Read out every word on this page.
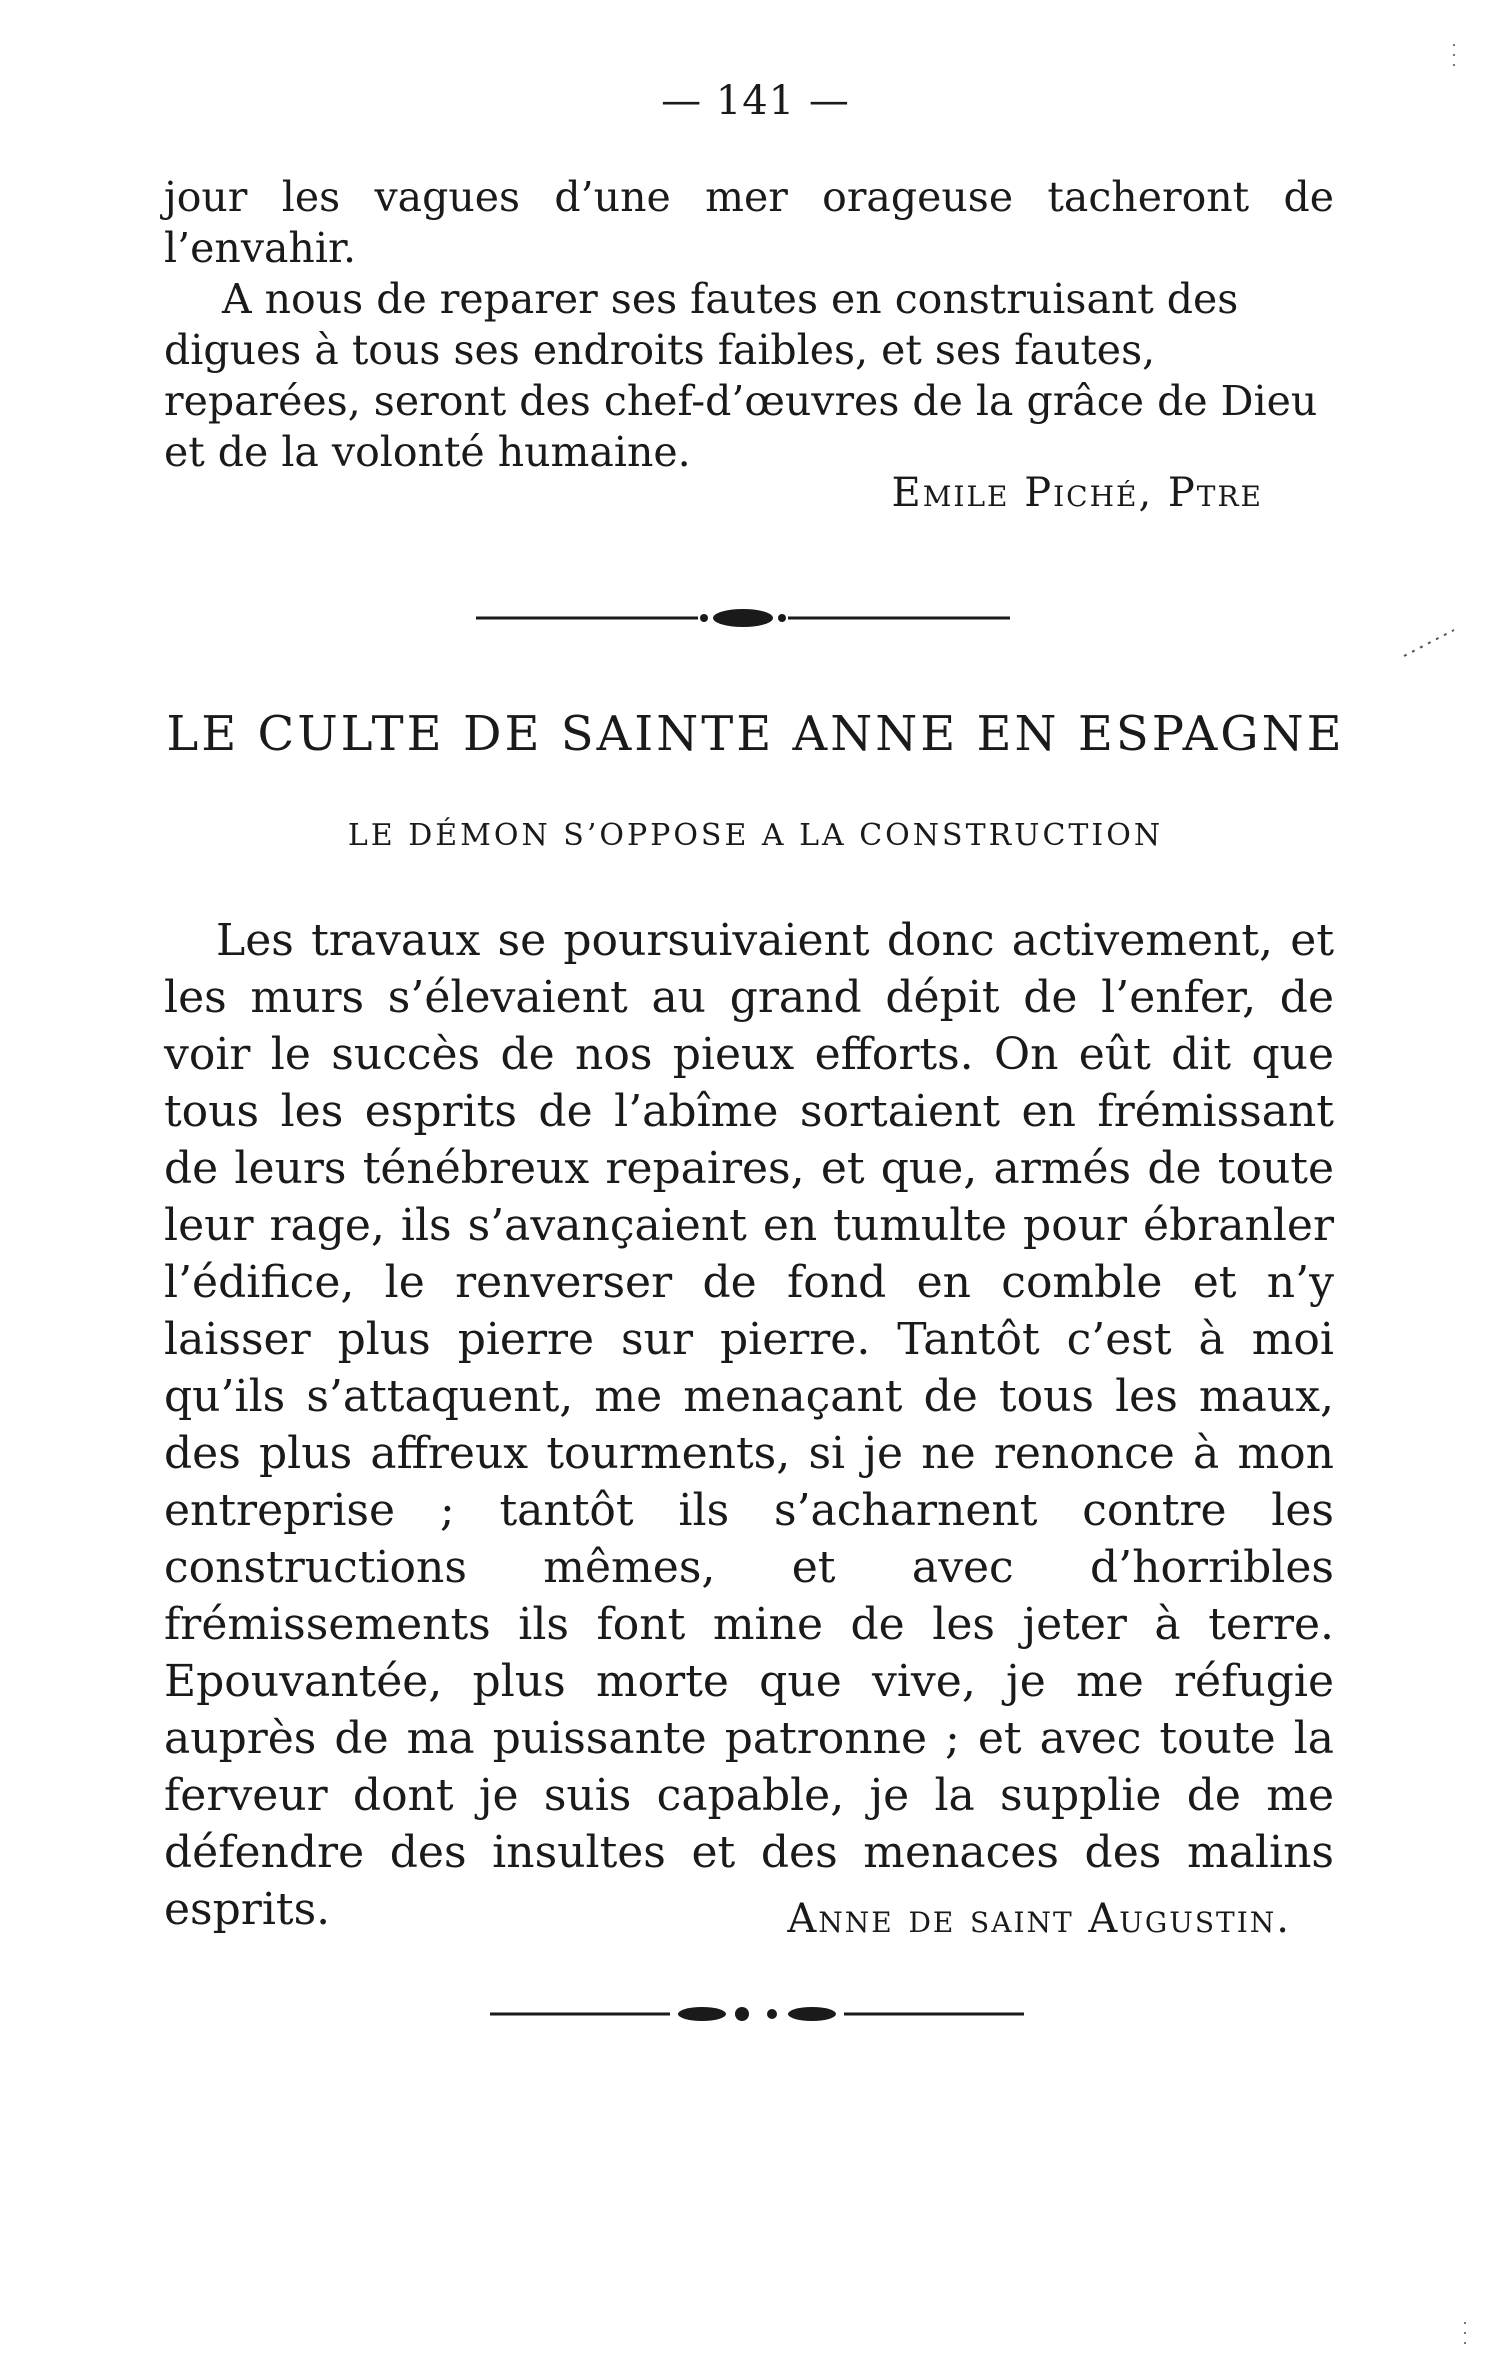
— 141 —

jour les vagues d’une mer orageuse tacheront de l’envahir.

A nous de reparer ses fautes en construisant des digues à tous ses endroits faibles, et ses fautes, reparées, seront des chef-d’œuvres de la grâce de Dieu et de la volonté humaine.

Emile Piché, Ptre
LE CULTE DE SAINTE ANNE EN ESPAGNE
LE DÉMON S’OPPOSE A LA CONSTRUCTION

Les travaux se poursuivaient donc activement, et les murs s’élevaient au grand dépit de l’enfer, de voir le succès de nos pieux efforts. On eût dit que tous les esprits de l’abîme sortaient en frémissant de leurs ténébreux repaires, et que, armés de toute leur rage, ils s’avançaient en tumulte pour ébranler l’édifice, le renverser de fond en comble et n’y laisser plus pierre sur pierre. Tantôt c’est à moi qu’ils s’attaquent, me menaçant de tous les maux, des plus affreux tourments, si je ne renonce à mon entreprise ; tantôt ils s’acharnent contre les constructions mêmes, et avec d’horribles frémissements ils font mine de les jeter à terre. Epouvantée, plus morte que vive, je me réfugie auprès de ma puissante patronne ; et avec toute la ferveur dont je suis capable, je la supplie de me défendre des insultes et des menaces des malins esprits.	Anne de saint Augustin.
